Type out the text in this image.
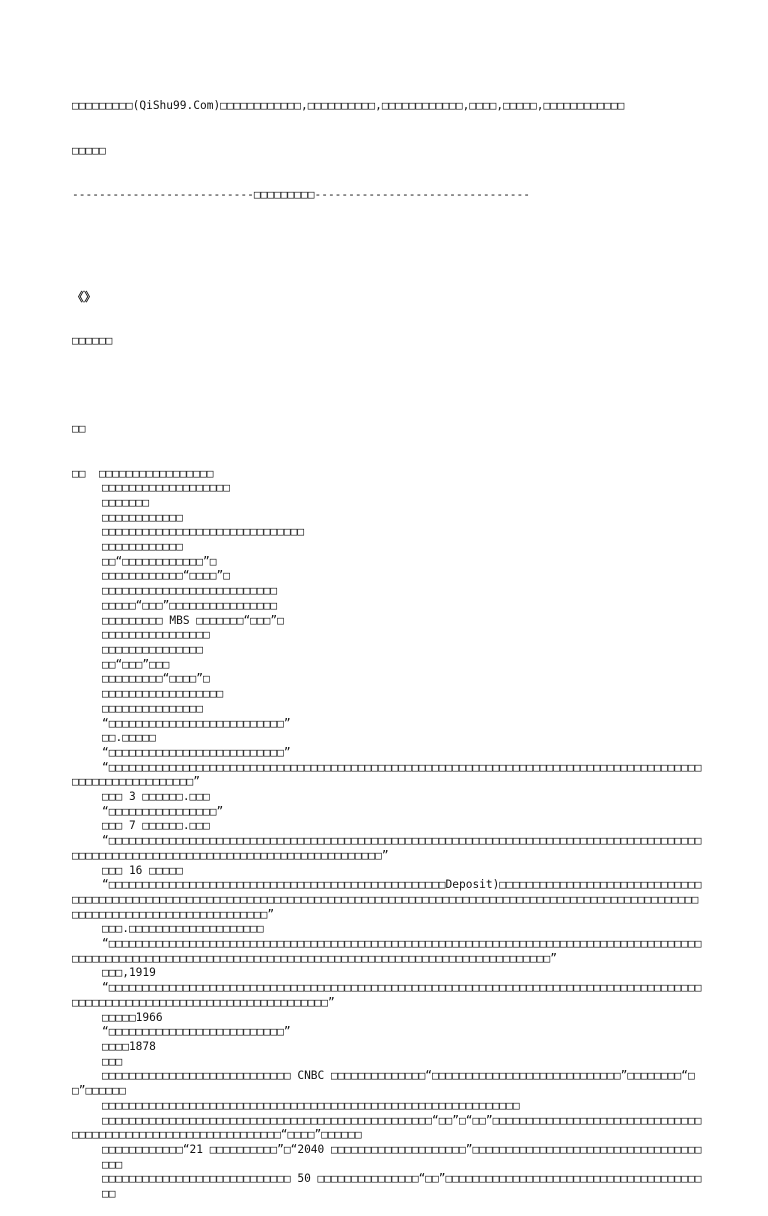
□□□□□□□□□(QiShu99.Com)□□□□□□□□□□□□,□□□□□□□□□□,□□□□□□□□□□□□,□□□□,□□□□□,□□□□□□□□□□□□

□□□□□

---------------------------□□□□□□□□□--------------------------------

《》

□□□□□□

□□

□□  □□□□□□□□□□□□□□□□□
□□□□□□□□□□□□□□□□□□□
□□□□□□□
□□□□□□□□□□□□
□□□□□□□□□□□□□□□□□□□□□□□□□□□□□□
□□□□□□□□□□□□
□□“□□□□□□□□□□□□”□
□□□□□□□□□□□□“□□□□”□
□□□□□□□□□□□□□□□□□□□□□□□□□□
□□□□□“□□□”□□□□□□□□□□□□□□□□
□□□□□□□□□ MBS □□□□□□□“□□□”□
□□□□□□□□□□□□□□□□
□□□□□□□□□□□□□□□
□□“□□□”□□□
□□□□□□□□□“□□□□”□
□□□□□□□□□□□□□□□□□□
□□□□□□□□□□□□□□□
“□□□□□□□□□□□□□□□□□□□□□□□□□□”
□□.□□□□□
“□□□□□□□□□□□□□□□□□□□□□□□□□□”
“□□□□□□□□□□□□□□□□□□□□□□□□□□□□□□□□□□□□□□□□□□□□□□□□□□□□□□□□□□□□□□□□□□□□□□□□□□□□□□□□□□□□□□□□□□□□□□□□□□□□□□□□□□”
□□□ 3 □□□□□□.□□□
“□□□□□□□□□□□□□□□□”
□□□ 7 □□□□□□.□□□
“□□□□□□□□□□□□□□□□□□□□□□□□□□□□□□□□□□□□□□□□□□□□□□□□□□□□□□□□□□□□□□□□□□□□□□□□□□□□□□□□□□□□□□□□□□□□□□□□□□□□□□□□□□□□□□□□□□□□□□□□□□□□□□□□□□□□□□”
□□□ 16 □□□□□
“□□□□□□□□□□□□□□□□□□□□□□□□□□□□□□□□□□□□□□□□□□□□□□□□□□Deposit)□□□□□□□□□□□□□□□□□□□□□□□□□□□□□□□□□□□□□□□□□□□□□□□□□□□□□□□□□□□□□□□□□□□□□□□□□□□□□□□□□□□□□□□□□□□□□□□□□□□□□□□□□□□□□□□□□□□□□□□□□□□□□□□□□□□□□□□□□□□□□□□□□□□□□□□□”
□□□.□□□□□□□□□□□□□□□□□□□□
“□□□□□□□□□□□□□□□□□□□□□□□□□□□□□□□□□□□□□□□□□□□□□□□□□□□□□□□□□□□□□□□□□□□□□□□□□□□□□□□□□□□□□□□□□□□□□□□□□□□□□□□□□□□□□□□□□□□□□□□□□□□□□□□□□□□□□□□□□□□□□□□□□□□□□□□□□□□□□□□”
□□□,1919
“□□□□□□□□□□□□□□□□□□□□□□□□□□□□□□□□□□□□□□□□□□□□□□□□□□□□□□□□□□□□□□□□□□□□□□□□□□□□□□□□□□□□□□□□□□□□□□□□□□□□□□□□□□□□□□□□□□□□□□□□□□□□□□”
□□□□□1966
“□□□□□□□□□□□□□□□□□□□□□□□□□□”
□□□□1878
□□□
□□□□□□□□□□□□□□□□□□□□□□□□□□□□ CNBC □□□□□□□□□□□□□□“□□□□□□□□□□□□□□□□□□□□□□□□□□□□”□□□□□□□□“□□”□□□□□□
□□□□□□□□□□□□□□□□□□□□□□□□□□□□□□□□□□□□□□□□□□□□□□□□□□□□□□□□□□□□□□
□□□□□□□□□□□□□□□□□□□□□□□□□□□□□□□□□□□□□□□□□□□□□□□□□“□□”□“□□”□□□□□□□□□□□□□□□□□□□□□□□□□□□□□□□□□□□□□□□□□□□□□□□□□□□□□□□□□□□□□□“□□□□”□□□□□□
□□□□□□□□□□□□“21 □□□□□□□□□□”□“2040 □□□□□□□□□□□□□□□□□□□□”□□□□□□□□□□□□□□□□□□□□□□□□□□□□□□□□□□□□□
□□□□□□□□□□□□□□□□□□□□□□□□□□□□ 50 □□□□□□□□□□□□□□□“□□”□□□□□□□□□□□□□□□□□□□□□□□□□□□□□□□□□□□□□□□□
